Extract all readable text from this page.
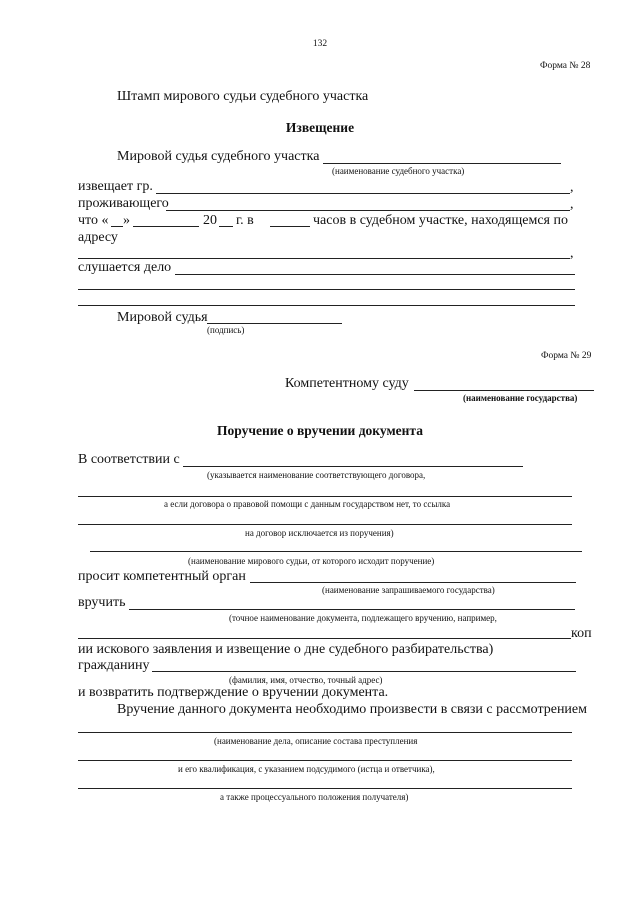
132
Форма № 28
Штамп мирового судьи судебного участка
Извещение
Мировой судья судебного участка
(наименование судебного участка)
извещает гр.	,
проживающего	,
что « »	20 г. в	часов в судебном участке, находящемся по
адресу
,
слушается дело
Мировой судья
(подпись)
Форма № 29
Компетентному суду
(наименование государства)
Поручение о вручении документа
В соответствии с
(указывается наименование соответствующего договора,
а если договора о правовой помощи с данным государством нет, то ссылка
на договор исключается из поручения)
(наименование мирового судьи, от которого исходит поручение)
просит компетентный орган
(наименование запрашиваемого государства)
вручить
(точное наименование документа, подлежащего вручению, например,
коп
ии искового заявления и извещение о дне судебного разбирательства)
гражданину
(фамилия, имя, отчество, точный адрес)
и возвратить подтверждение о вручении документа.
Вручение данного документа необходимо произвести в связи с рассмотрением
(наименование дела, описание состава преступления
и его квалификация, с указанием подсудимого (истца и ответчика),
а также процессуального положения получателя)
